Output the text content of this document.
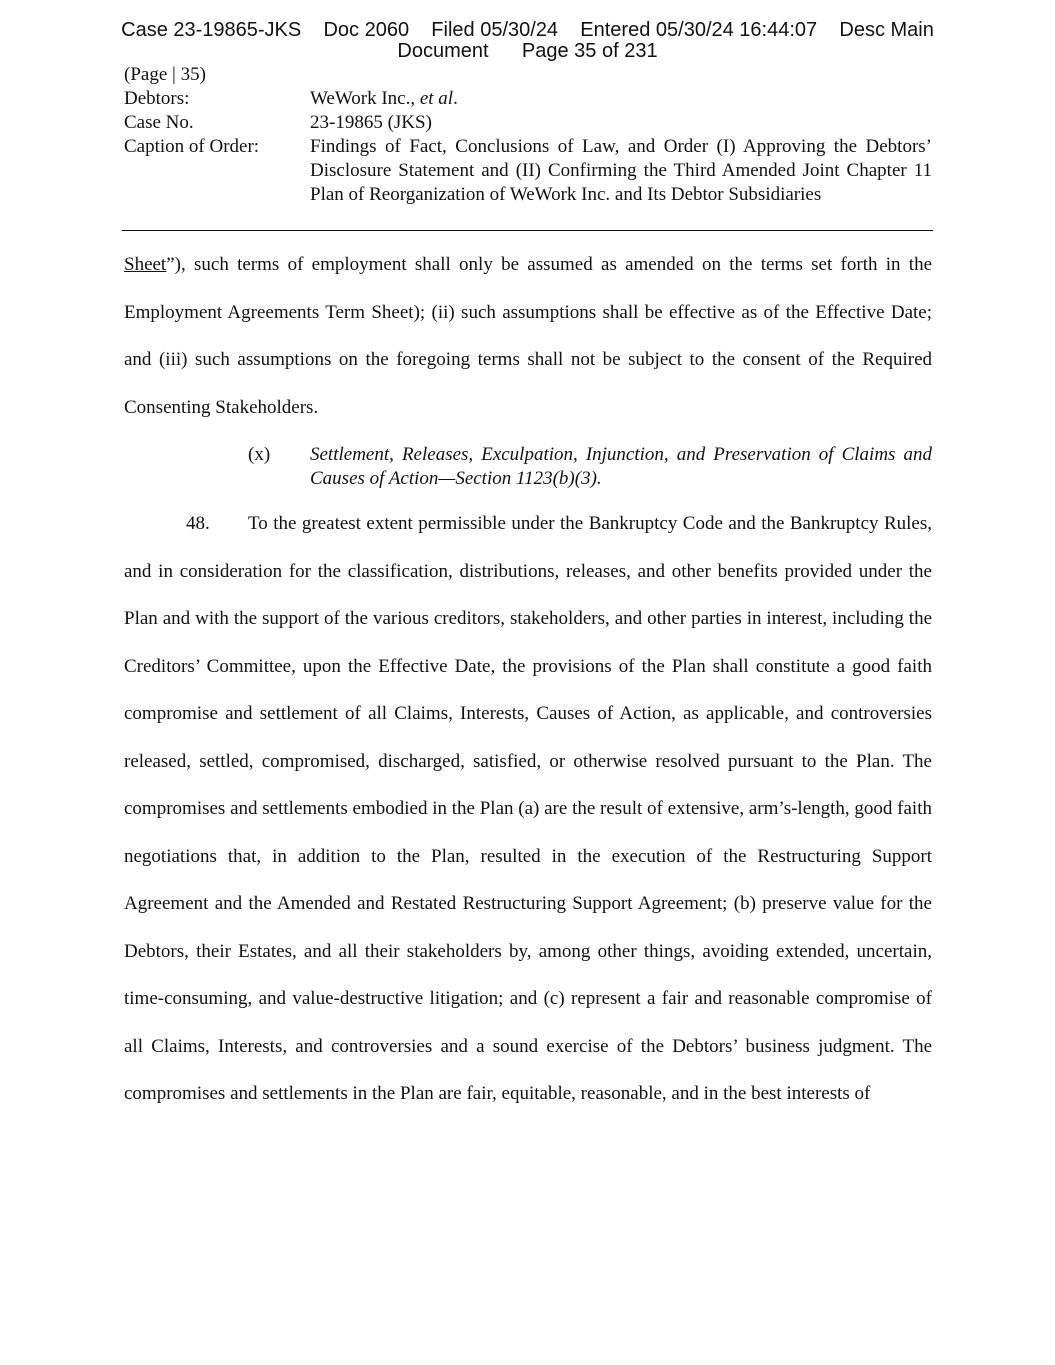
Case 23-19865-JKS    Doc 2060    Filed 05/30/24    Entered 05/30/24 16:44:07    Desc Main
Document      Page 35 of 231
(Page | 35)
Debtors:	WeWork Inc., et al.
Case No.	23-19865 (JKS)
Caption of Order:	Findings of Fact, Conclusions of Law, and Order (I) Approving the Debtors’ Disclosure Statement and (II) Confirming the Third Amended Joint Chapter 11 Plan of Reorganization of WeWork Inc. and Its Debtor Subsidiaries
Sheet”), such terms of employment shall only be assumed as amended on the terms set forth in the Employment Agreements Term Sheet); (ii) such assumptions shall be effective as of the Effective Date; and (iii) such assumptions on the foregoing terms shall not be subject to the consent of the Required Consenting Stakeholders.
(x)	Settlement, Releases, Exculpation, Injunction, and Preservation of Claims and Causes of Action—Section 1123(b)(3).
48. To the greatest extent permissible under the Bankruptcy Code and the Bankruptcy Rules, and in consideration for the classification, distributions, releases, and other benefits provided under the Plan and with the support of the various creditors, stakeholders, and other parties in interest, including the Creditors’ Committee, upon the Effective Date, the provisions of the Plan shall constitute a good faith compromise and settlement of all Claims, Interests, Causes of Action, as applicable, and controversies released, settled, compromised, discharged, satisfied, or otherwise resolved pursuant to the Plan. The compromises and settlements embodied in the Plan (a) are the result of extensive, arm’s-length, good faith negotiations that, in addition to the Plan, resulted in the execution of the Restructuring Support Agreement and the Amended and Restated Restructuring Support Agreement; (b) preserve value for the Debtors, their Estates, and all their stakeholders by, among other things, avoiding extended, uncertain, time-consuming, and value-destructive litigation; and (c) represent a fair and reasonable compromise of all Claims, Interests, and controversies and a sound exercise of the Debtors’ business judgment. The compromises and settlements in the Plan are fair, equitable, reasonable, and in the best interests of
